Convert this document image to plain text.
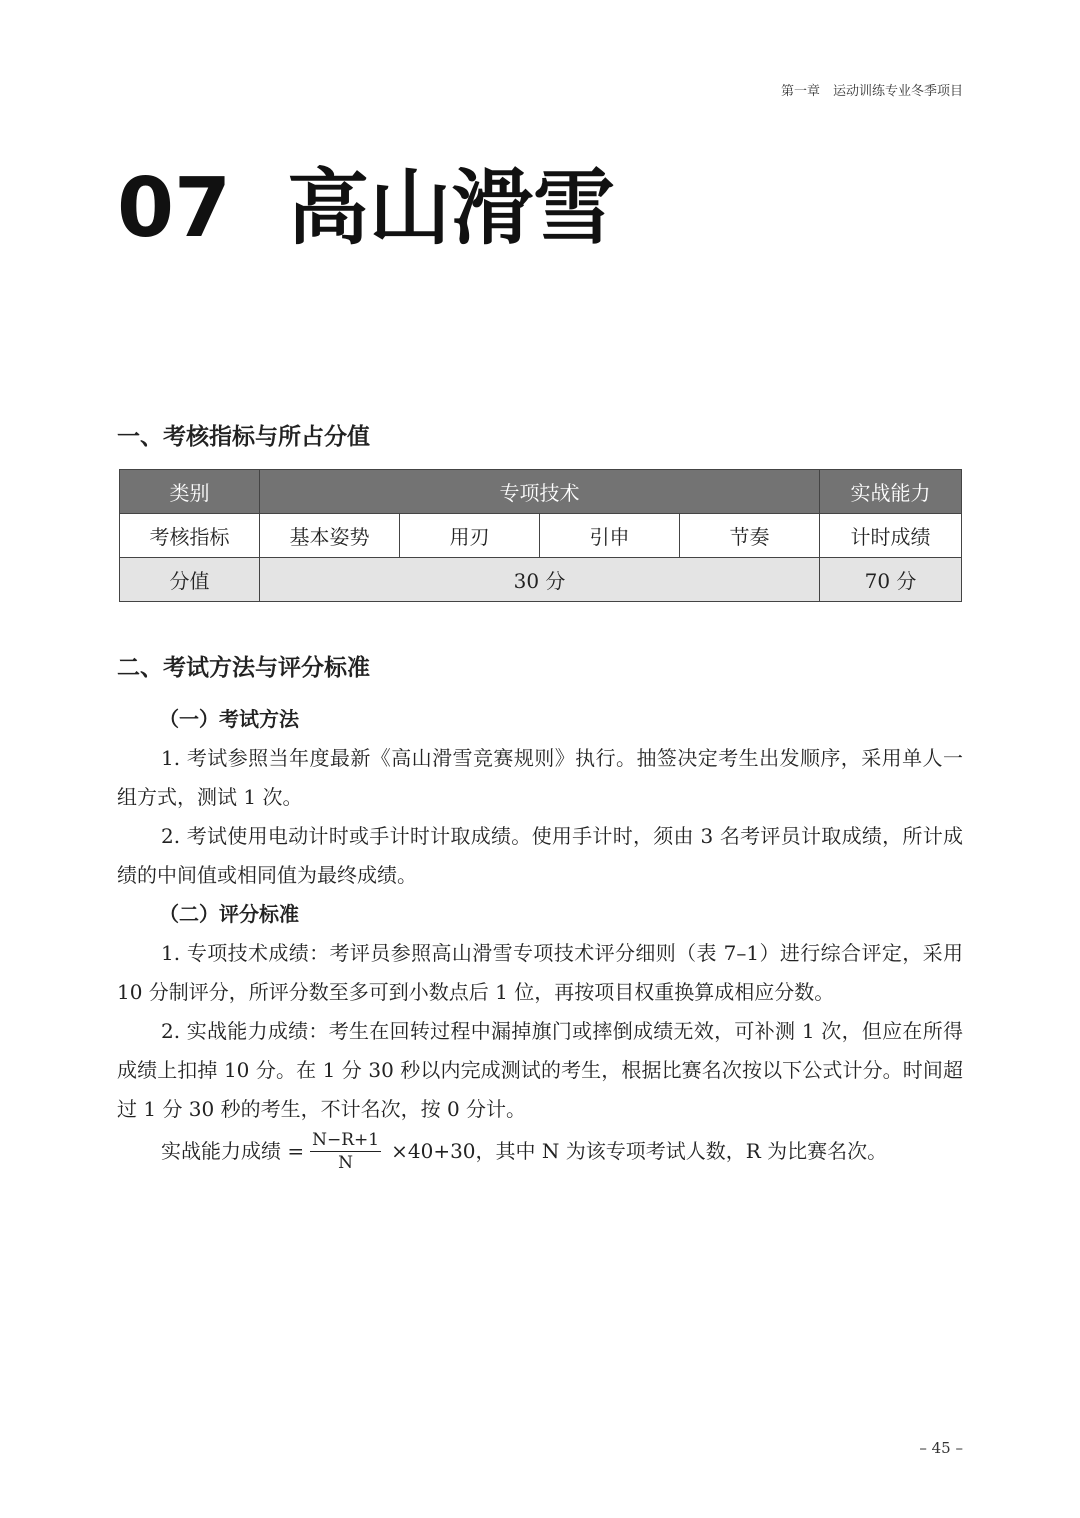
第一章　运动训练专业冬季项目
07 高山滑雪
一、考核指标与所占分值
类别	专项技术				实战能力
考核指标	基本姿势	用刃	引申	节奏	计时成绩
分值	30 分				70 分
二、考试方法与评分标准
（一）考试方法
1. 考试参照当年度最新《高山滑雪竞赛规则》执行。抽签决定考生出发顺序，采用单人一组方式，测试 1 次。
2. 考试使用电动计时或手计时计取成绩。使用手计时，须由 3 名考评员计取成绩，所计成绩的中间值或相同值为最终成绩。
（二）评分标准
1. 专项技术成绩：考评员参照高山滑雪专项技术评分细则（表 7–1）进行综合评定，采用 10 分制评分，所评分数至多可到小数点后 1 位，再按项目权重换算成相应分数。
2. 实战能力成绩：考生在回转过程中漏掉旗门或摔倒成绩无效，可补测 1 次，但应在所得成绩上扣掉 10 分。在 1 分 30 秒以内完成测试的考生，根据比赛名次按以下公式计分。时间超过 1 分 30 秒的考生，不计名次，按 0 分计。
实战能力成绩 = $\frac{N-R+1}{N} \times 40+30$，其中 N 为该专项考试人数，R 为比赛名次。
– 45 –
